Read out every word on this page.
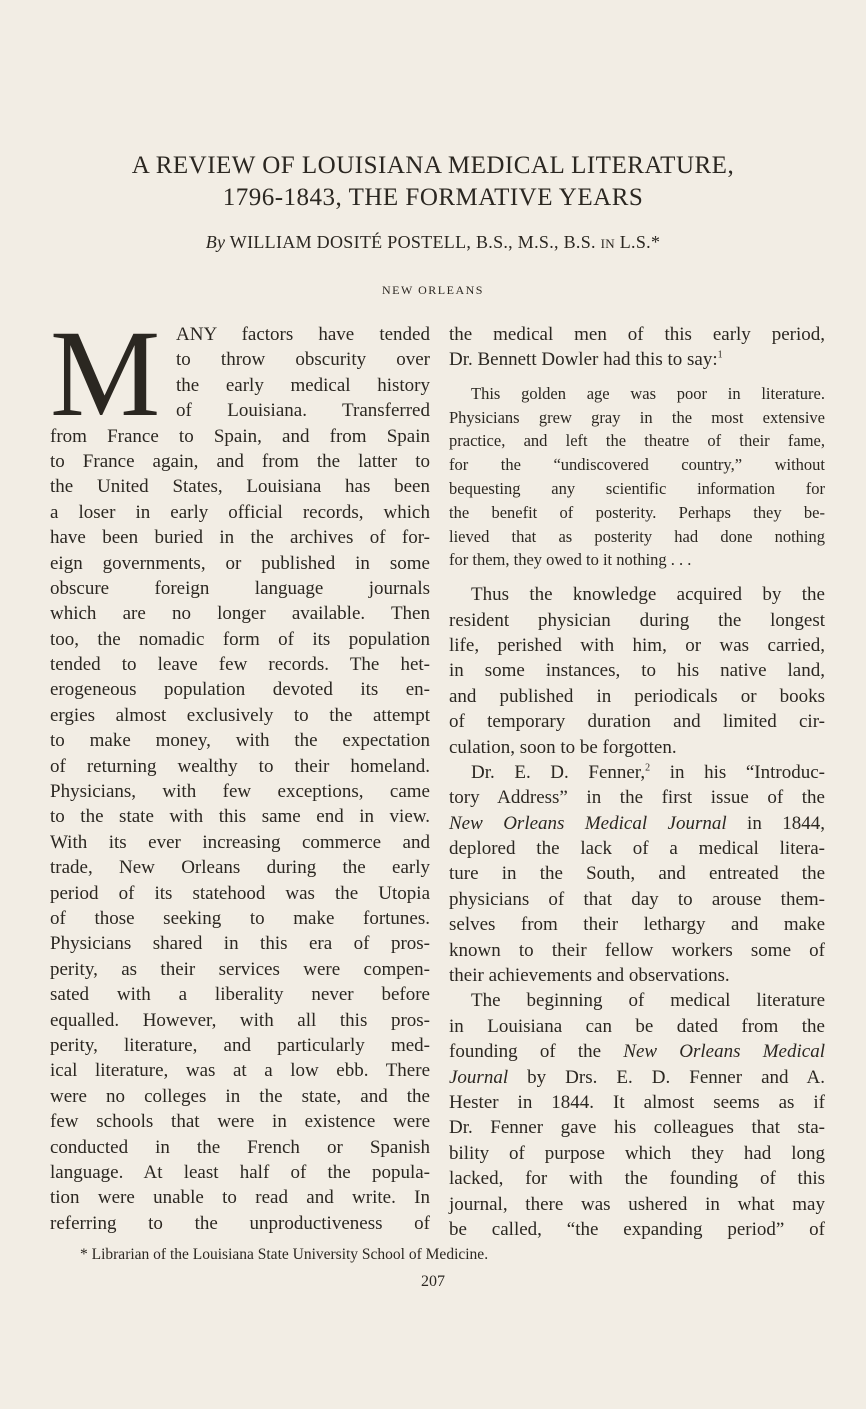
A REVIEW OF LOUISIANA MEDICAL LITERATURE,
1796-1843, THE FORMATIVE YEARS
By WILLIAM DOSITÉ POSTELL, B.S., M.S., B.S. IN L.S.*
NEW ORLEANS
M ANY factors have tended
to throw obscurity over
the early medical history
of Louisiana. Transferred
from France to Spain, and from Spain
to France again, and from the latter to
the United States, Louisiana has been
a loser in early official records, which
have been buried in the archives of for-
eign governments, or published in some
obscure foreign language journals
which are no longer available. Then
too, the nomadic form of its population
tended to leave few records. The het-
erogeneous population devoted its en-
ergies almost exclusively to the attempt
to make money, with the expectation
of returning wealthy to their homeland.
Physicians, with few exceptions, came
to the state with this same end in view.
With its ever increasing commerce and
trade, New Orleans during the early
period of its statehood was the Utopia
of those seeking to make fortunes.
Physicians shared in this era of pros-
perity, as their services were compen-
sated with a liberality never before
equalled. However, with all this pros-
perity, literature, and particularly med-
ical literature, was at a low ebb. There
were no colleges in the state, and the
few schools that were in existence were
conducted in the French or Spanish
language. At least half of the popula-
tion were unable to read and write. In
referring to the unproductiveness of
the medical men of this early period,
Dr. Bennett Dowler had this to say:$^1$
This golden age was poor in literature.
Physicians grew gray in the most extensive
practice, and left the theatre of their fame,
for the “undiscovered country,” without
bequesting any scientific information for
the benefit of posterity. Perhaps they be-
lieved that as posterity had done nothing
for them, they owed to it nothing . . .
Thus the knowledge acquired by the
resident physician during the longest
life, perished with him, or was carried,
in some instances, to his native land,
and published in periodicals or books
of temporary duration and limited cir-
culation, soon to be forgotten.
Dr. E. D. Fenner,$^2$ in his “Introduc-
tory Address” in the first issue of the
New Orleans Medical Journal in 1844,
deplored the lack of a medical litera-
ture in the South, and entreated the
physicians of that day to arouse them-
selves from their lethargy and make
known to their fellow workers some of
their achievements and observations.
The beginning of medical literature
in Louisiana can be dated from the
founding of the New Orleans Medical
Journal by Drs. E. D. Fenner and A.
Hester in 1844. It almost seems as if
Dr. Fenner gave his colleagues that sta-
bility of purpose which they had long
lacked, for with the founding of this
journal, there was ushered in what may
be called, “the expanding period” of
* Librarian of the Louisiana State University School of Medicine.
207
